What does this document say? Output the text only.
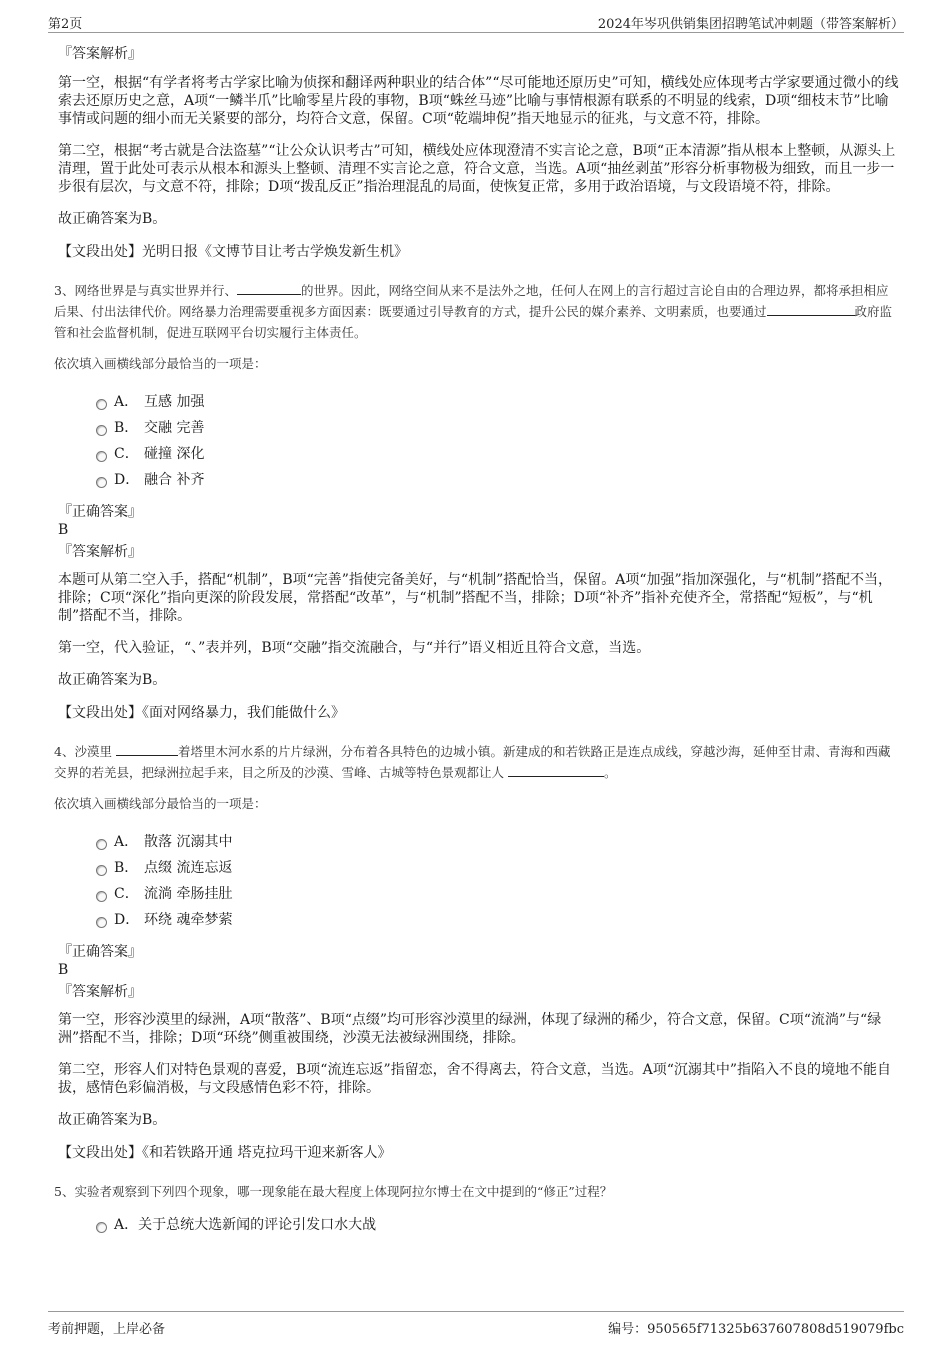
第2页	2024年岑巩供销集团招聘笔试冲刺题（带答案解析）
『答案解析』

第一空，根据“有学者将考古学家比喻为侦探和翻译两种职业的结合体”“尽可能地还原历史”可知，横线处应体现考古学家要通过微小的线索去还原历史之意，A项“一鳞半爪”比喻零星片段的事物，B项“蛛丝马迹”比喻与事情根源有联系的不明显的线索，D项“细枝末节”比喻事情或问题的细小而无关紧要的部分，均符合文意，保留。C项“乾端坤倪”指天地显示的征兆，与文意不符，排除。

第二空，根据“考古就是合法盗墓”“让公众认识考古”可知，横线处应体现澄清不实言论之意，B项“正本清源”指从根本上整顿，从源头上清理，置于此处可表示从根本和源头上整顿、清理不实言论之意，符合文意，当选。A项“抽丝剥茧”形容分析事物极为细致，而且一步一步很有层次，与文意不符，排除；D项“拨乱反正”指治理混乱的局面，使恢复正常，多用于政治语境，与文段语境不符，排除。

故正确答案为B。

【文段出处】光明日报《文博节目让考古学焕发新生机》
3、网络世界是与真实世界并行、	的世界。因此，网络空间从来不是法外之地，任何人在网上的言行超过言论自由的合理边界，都将承担相应后果、付出法律代价。网络暴力治理需要重视多方面因素：既要通过引导教育的方式，提升公民的媒介素养、文明素质，也要通过	政府监管和社会监督机制，促进互联网平台切实履行主体责任。
依次填入画横线部分最恰当的一项是：
A． 互感 加强
B． 交融 完善
C． 碰撞 深化
D． 融合 补齐
『正确答案』
B
『答案解析』

本题可从第二空入手，搭配“机制”，B项“完善”指使完备美好，与“机制”搭配恰当，保留。A项“加强”指加深强化，与“机制”搭配不当，排除；C项“深化”指向更深的阶段发展，常搭配“改革”，与“机制”搭配不当，排除；D项“补齐”指补充使齐全，常搭配“短板”，与“机制”搭配不当，排除。

第一空，代入验证，“、”表并列，B项“交融”指交流融合，与“并行”语义相近且符合文意，当选。

故正确答案为B。

【文段出处】《面对网络暴力，我们能做什么》
4、沙漠里	着塔里木河水系的片片绿洲，分布着各具特色的边城小镇。新建成的和若铁路正是连点成线，穿越沙海，延伸至甘肃、青海和西藏交界的若羌县，把绿洲拉起手来，目之所及的沙漠、雪峰、古城等特色景观都让人	。
依次填入画横线部分最恰当的一项是：
A． 散落 沉溺其中
B． 点缀 流连忘返
C． 流淌 牵肠挂肚
D． 环绕 魂牵梦萦
『正确答案』
B
『答案解析』

第一空，形容沙漠里的绿洲，A项“散落”、B项“点缀”均可形容沙漠里的绿洲，体现了绿洲的稀少，符合文意，保留。C项“流淌”与“绿洲”搭配不当，排除；D项“环绕”侧重被围绕，沙漠无法被绿洲围绕，排除。

第二空，形容人们对特色景观的喜爱，B项“流连忘返”指留恋，舍不得离去，符合文意，当选。A项“沉溺其中”指陷入不良的境地不能自拔，感情色彩偏消极，与文段感情色彩不符，排除。

故正确答案为B。

【文段出处】《和若铁路开通 塔克拉玛干迎来新客人》
5、实验者观察到下列四个现象，哪一现象能在最大程度上体现阿拉尔博士在文中提到的“修正”过程？
A．关于总统大选新闻的评论引发口水大战
考前押题，上岸必备	编号：950565f71325b637607808d519079fbc
